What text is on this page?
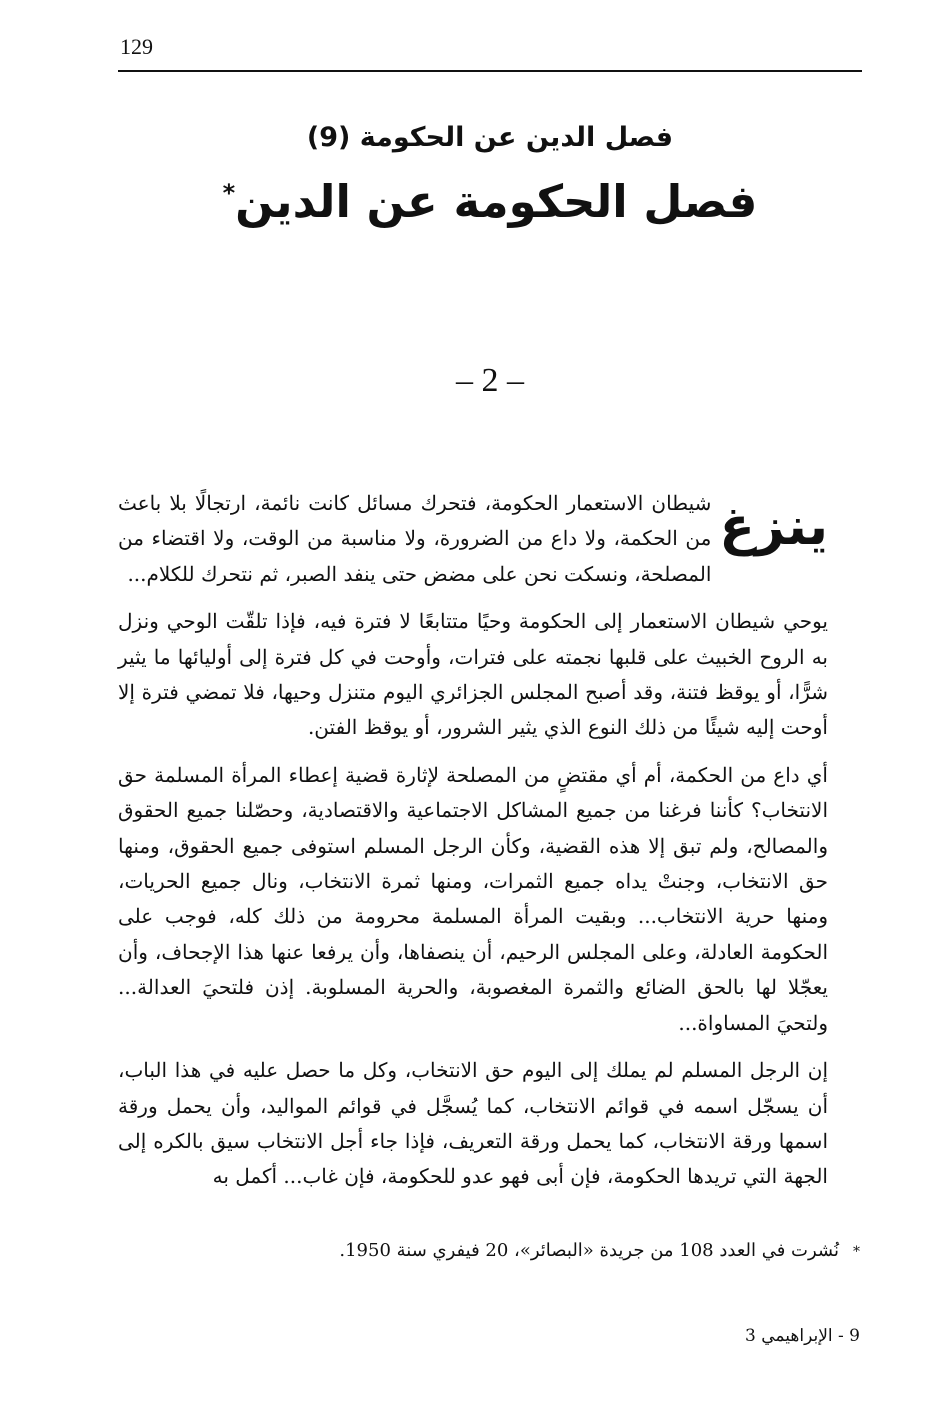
129
فصل الدين عن الحكومة (9)
فصل الحكومة عن الدين*
– 2 –

ينزغ
شيطان الاستعمار الحكومة، فتحرك مسائل كانت نائمة، ارتجالًا بلا باعث من الحكمة، ولا داع من الضرورة، ولا مناسبة من الوقت، ولا اقتضاء من المصلحة، ونسكت نحن على مضض حتى ينفد الصبر، ثم نتحرك للكلام...

يوحي شيطان الاستعمار إلى الحكومة وحيًا متتابعًا لا فترة فيه، فإذا تلقّت الوحي ونزل به الروح الخبيث على قلبها نجمته على فترات، وأوحت في كل فترة إلى أوليائها ما يثير شرًّا، أو يوقظ فتنة، وقد أصبح المجلس الجزائري اليوم متنزل وحيها، فلا تمضي فترة إلا أوحت إليه شيئًا من ذلك النوع الذي يثير الشرور، أو يوقظ الفتن.

أي داع من الحكمة، أم أي مقتضٍ من المصلحة لإثارة قضية إعطاء المرأة المسلمة حق الانتخاب؟ كأننا فرغنا من جميع المشاكل الاجتماعية والاقتصادية، وحصّلنا جميع الحقوق والمصالح، ولم تبق إلا هذه القضية، وكأن الرجل المسلم استوفى جميع الحقوق، ومنها حق الانتخاب، وجنتْ يداه جميع الثمرات، ومنها ثمرة الانتخاب، ونال جميع الحريات، ومنها حرية الانتخاب... وبقيت المرأة المسلمة محرومة من ذلك كله، فوجب على الحكومة العادلة، وعلى المجلس الرحيم، أن ينصفاها، وأن يرفعا عنها هذا الإجحاف، وأن يعجّلا لها بالحق الضائع والثمرة المغصوبة، والحرية المسلوبة. إذن فلتحيَ العدالة... ولتحيَ المساواة...

إن الرجل المسلم لم يملك إلى اليوم حق الانتخاب، وكل ما حصل عليه في هذا الباب، أن يسجّل اسمه في قوائم الانتخاب، كما يُسجَّل في قوائم المواليد، وأن يحمل ورقة اسمها ورقة الانتخاب، كما يحمل ورقة التعريف، فإذا جاء أجل الانتخاب سيق بالكره إلى الجهة التي تريدها الحكومة، فإن أبى فهو عدو للحكومة، فإن غاب... أكمل به

*نُشرت في العدد 108 من جريدة «البصائر»، 20 فيفري سنة 1950.
9 - الإبراهيمي 3
